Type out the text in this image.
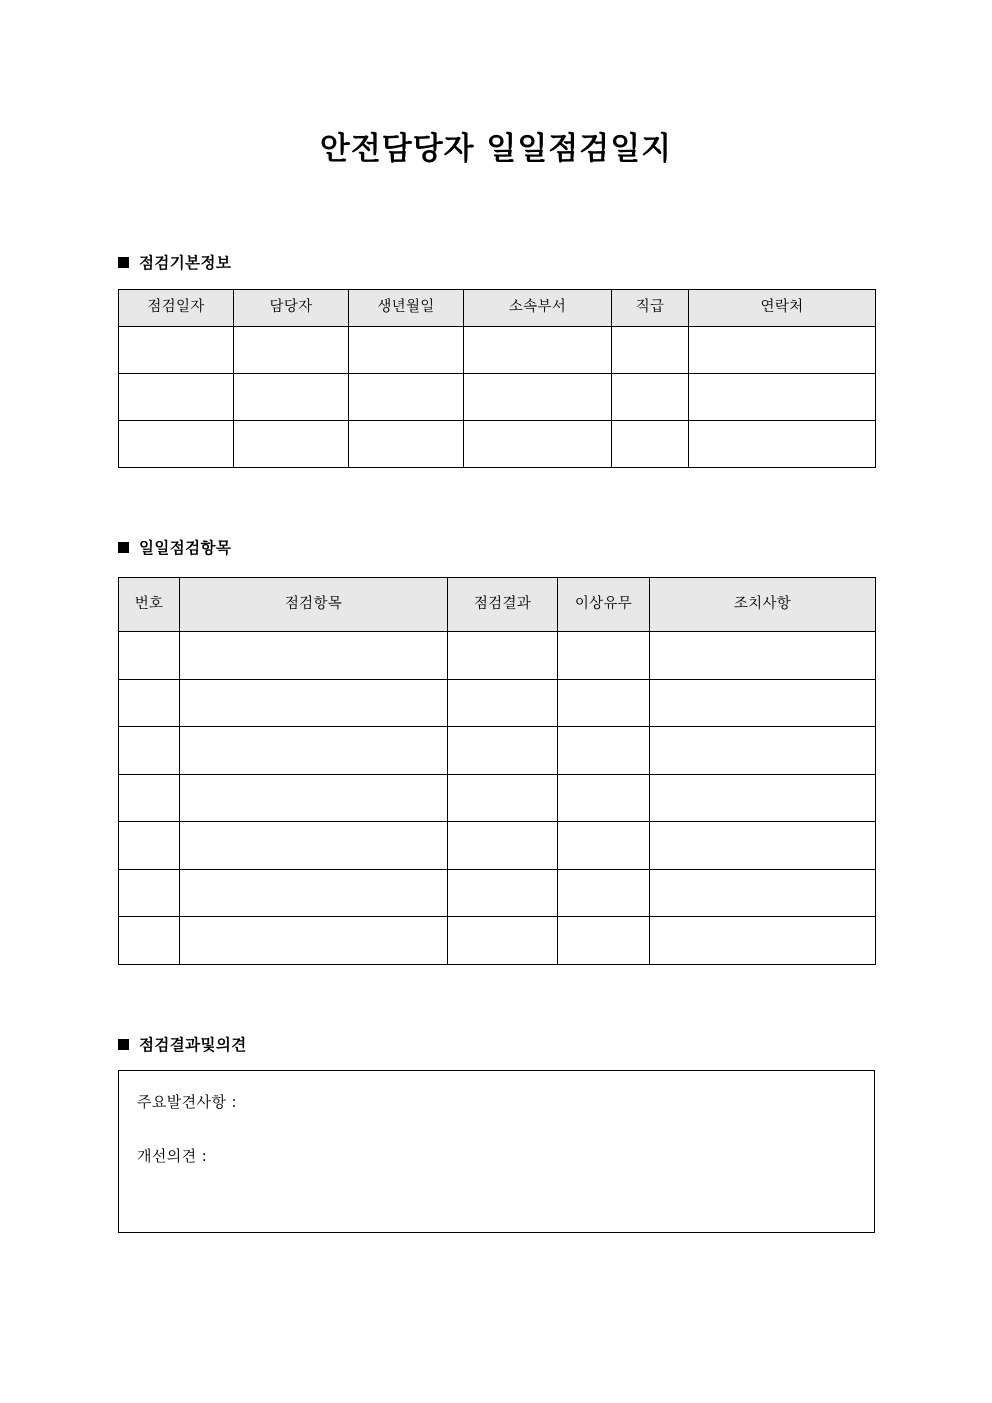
안전담당자 일일점검일지
점검기본정보
점검일자	담당자	생년월일	소속부서	직급	연락처

일일점검항목
번호	점검항목	점검결과	이상유무	조치사항

점검결과및의견
주요발견사항 :
개선의견 :
